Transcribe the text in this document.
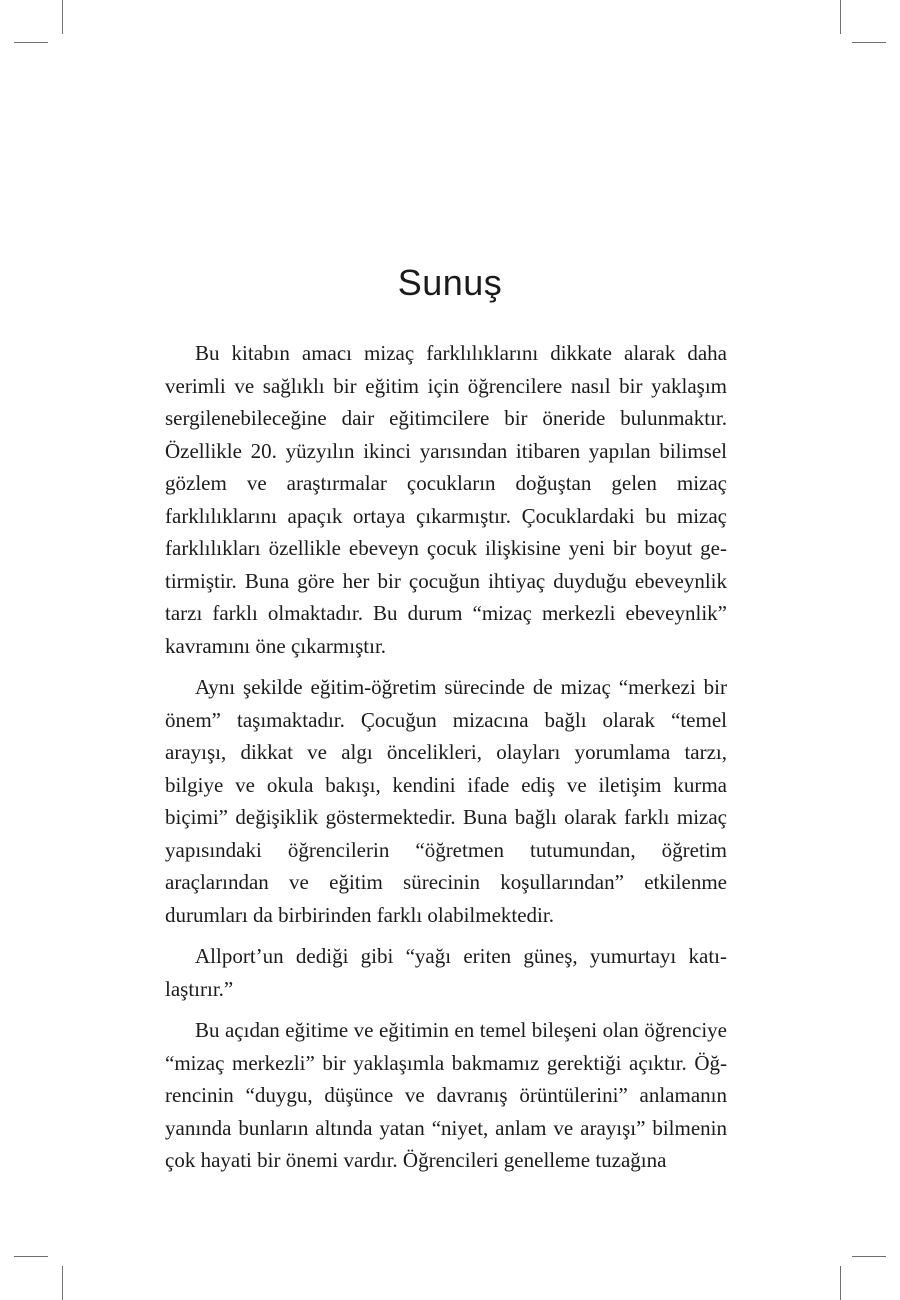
Sunuş

Bu kitabın amacı mizaç farklılıklarını dikkate alarak daha verimli ve sağlıklı bir eğitim için öğrencilere nasıl bir yaklaşım sergilenebileceğine dair eğitimcilere bir öneride bulunmaktır. Özellikle 20. yüzyılın ikinci yarısından itibaren yapılan bilimsel gözlem ve araştırmalar çocukların doğuştan gelen mizaç farklılıklarını apaçık ortaya çıkarmıştır. Çocuklardaki bu mizaç farklılıkları özellikle ebeveyn çocuk ilişkisine yeni bir boyut getirmiştir. Buna göre her bir çocuğun ihtiyaç duyduğu ebeveynlik tarzı farklı olmaktadır. Bu durum “mizaç merkezli ebeveynlik” kavramını öne çıkarmıştır.

Aynı şekilde eğitim-öğretim sürecinde de mizaç “merkezi bir önem” taşımaktadır. Çocuğun mizacına bağlı olarak “temel arayışı, dikkat ve algı öncelikleri, olayları yorumlama tarzı, bilgiye ve okula bakışı, kendini ifade ediş ve iletişim kurma biçimi” değişiklik göstermektedir. Buna bağlı olarak farklı mizaç yapısındaki öğrencilerin “öğretmen tutumundan, öğretim araçlarından ve eğitim sürecinin koşullarından” etkilenme durumları da birbirinden farklı olabilmektedir.

Allport’un dediği gibi “yağı eriten güneş, yumurtayı katılaştırır.”

Bu açıdan eğitime ve eğitimin en temel bileşeni olan öğrenciye “mizaç merkezli” bir yaklaşımla bakmamız gerektiği açıktır. Öğrencinin “duygu, düşünce ve davranış örüntülerini” anlamanın yanında bunların altında yatan “niyet, anlam ve arayışı” bilmenin çok hayati bir önemi vardır. Öğrencileri genelleme tuzağına
